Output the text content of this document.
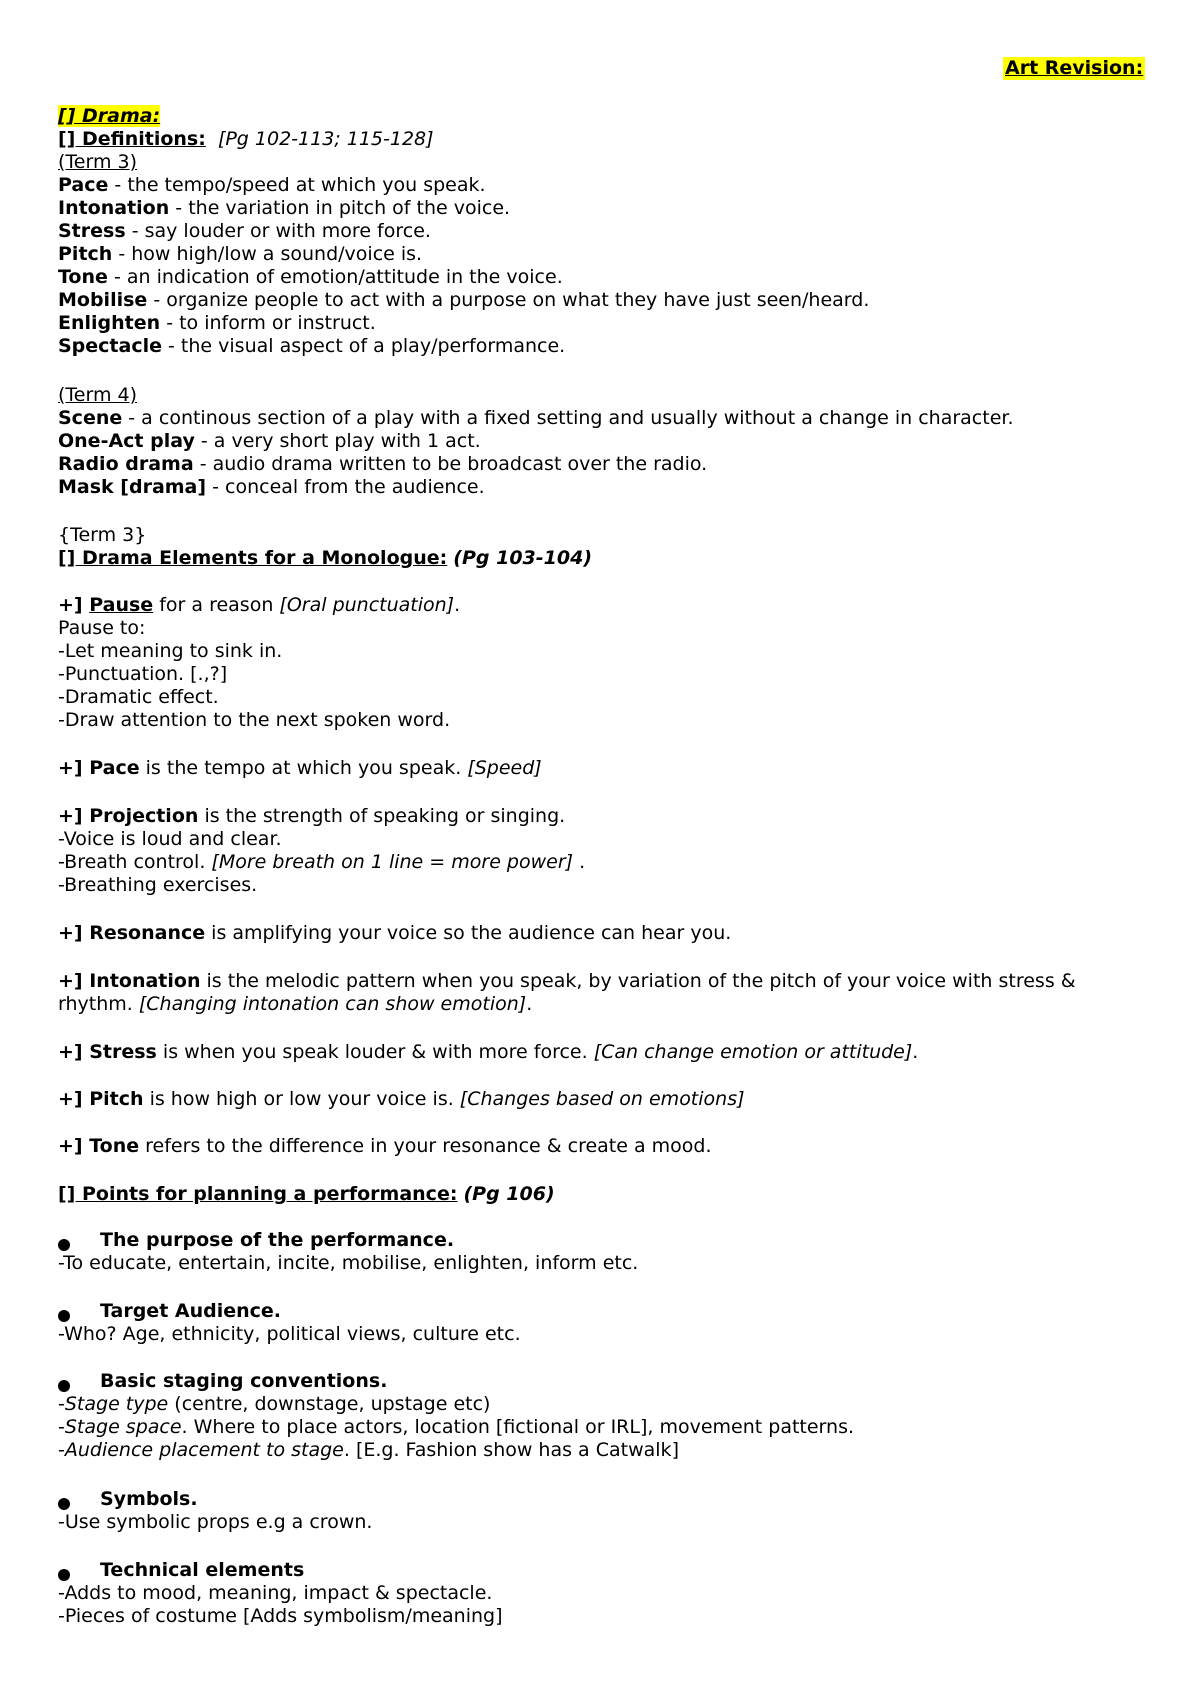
Art Revision:
[] Drama:
[] Definitions: [Pg 102-113; 115-128]
(Term 3)
Pace - the tempo/speed at which you speak.
Intonation - the variation in pitch of the voice.
Stress - say louder or with more force.
Pitch - how high/low a sound/voice is.
Tone - an indication of emotion/attitude in the voice.
Mobilise - organize people to act with a purpose on what they have just seen/heard.
Enlighten - to inform or instruct.
Spectacle - the visual aspect of a play/performance.
(Term 4)
Scene - a continous section of a play with a fixed setting and usually without a change in character.
One-Act play - a very short play with 1 act.
Radio drama - audio drama written to be broadcast over the radio.
Mask [drama] - conceal from the audience.
{Term 3}
[] Drama Elements for a Monologue: (Pg 103-104)
+] Pause for a reason [Oral punctuation].
Pause to:
-Let meaning to sink in.
-Punctuation. [.,?]
-Dramatic effect.
-Draw attention to the next spoken word.
+] Pace is the tempo at which you speak. [Speed]
+] Projection is the strength of speaking or singing.
-Voice is loud and clear.
-Breath control. [More breath on 1 line = more power] .
-Breathing exercises.
+] Resonance is amplifying your voice so the audience can hear you.
+] Intonation is the melodic pattern when you speak, by variation of the pitch of your voice with stress &
rhythm. [Changing intonation can show emotion].
+] Stress is when you speak louder & with more force. [Can change emotion or attitude].
+] Pitch is how high or low your voice is. [Changes based on emotions]
+] Tone refers to the difference in your resonance & create a mood.
[] Points for planning a performance: (Pg 106)
The purpose of the performance.
-To educate, entertain, incite, mobilise, enlighten, inform etc.
Target Audience.
-Who? Age, ethnicity, political views, culture etc.
Basic staging conventions.
-Stage type (centre, downstage, upstage etc)
-Stage space. Where to place actors, location [fictional or IRL], movement patterns.
-Audience placement to stage. [E.g. Fashion show has a Catwalk]
Symbols.
-Use symbolic props e.g a crown.
Technical elements
-Adds to mood, meaning, impact & spectacle.
-Pieces of costume [Adds symbolism/meaning]
